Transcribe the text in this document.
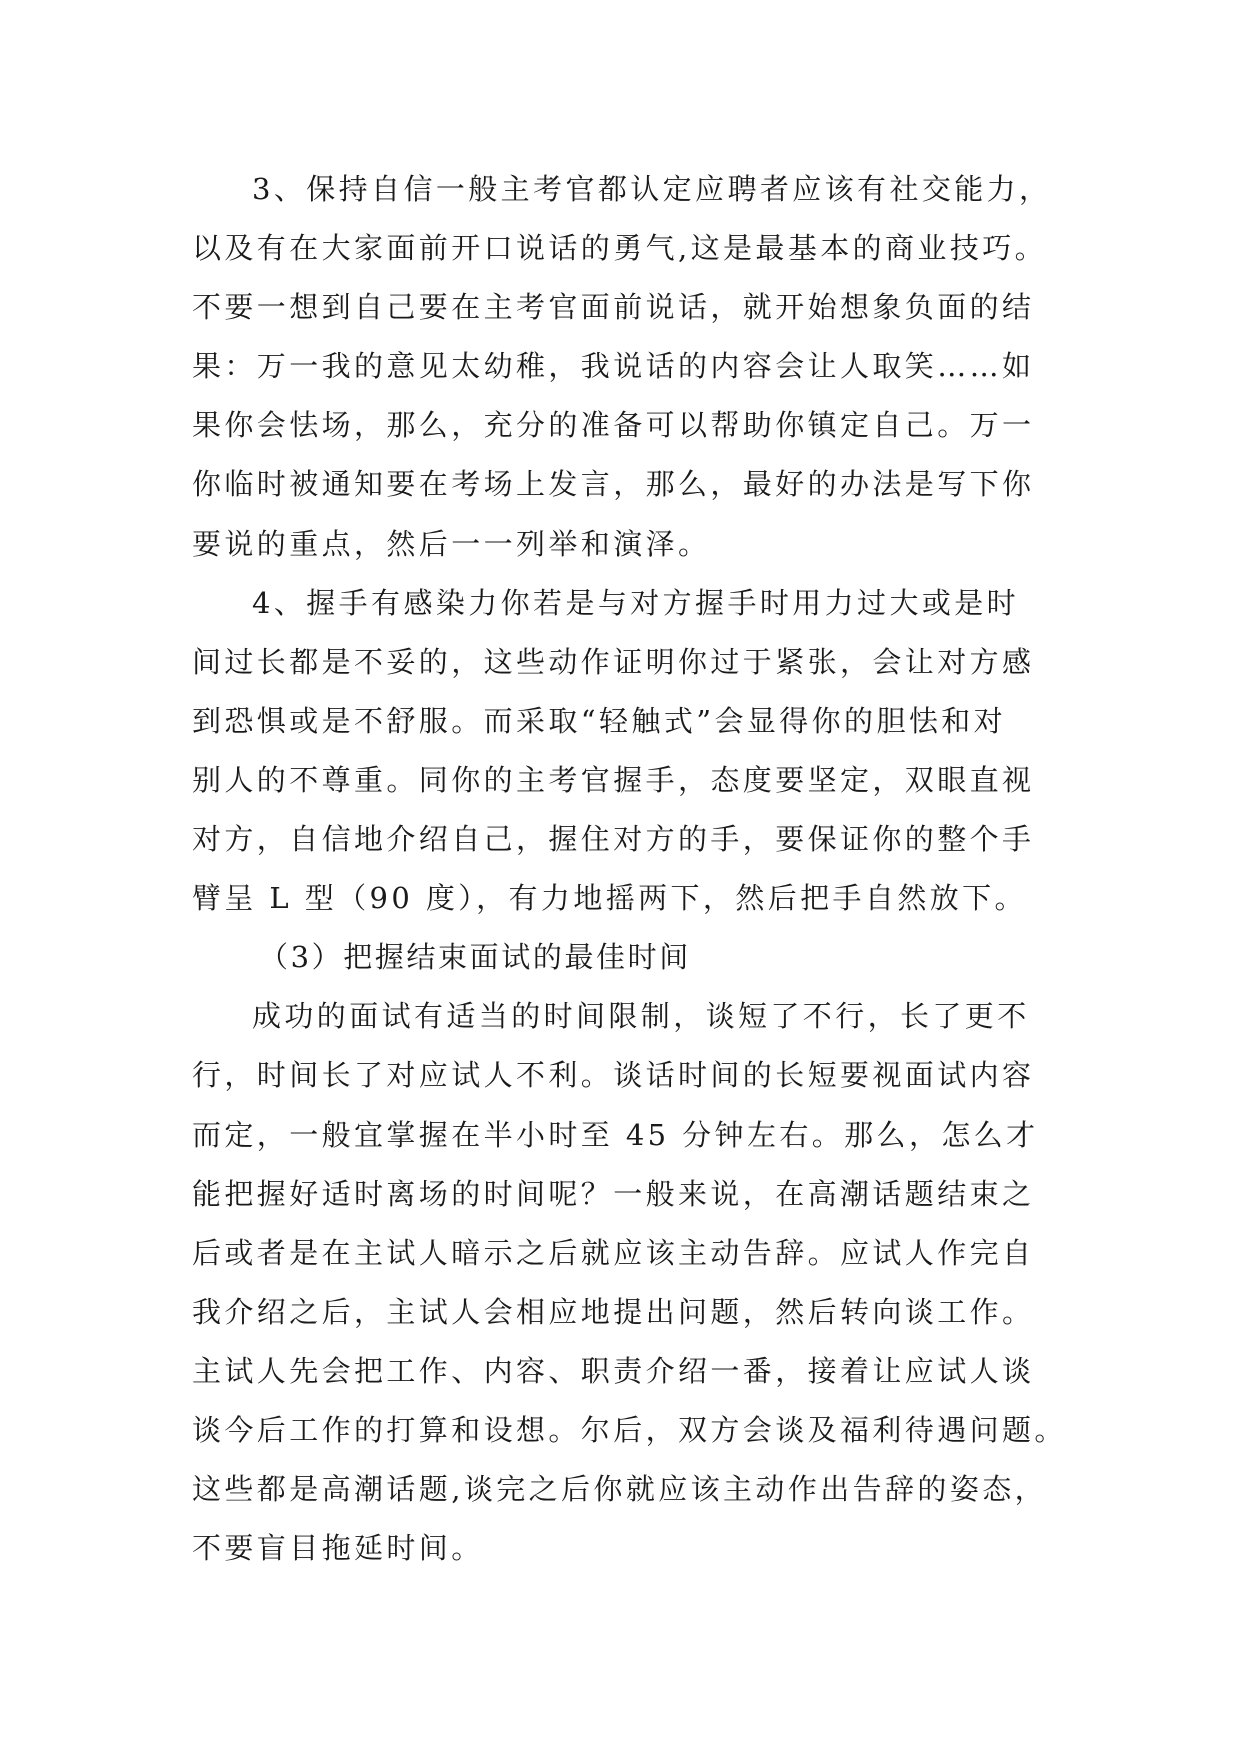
3、保持自信一般主考官都认定应聘者应该有社交能力，
以及有在大家面前开口说话的勇气,这是最基本的商业技巧。
不要一想到自己要在主考官面前说话，就开始想象负面的结
果：万一我的意见太幼稚，我说话的内容会让人取笑……如
果你会怯场，那么，充分的准备可以帮助你镇定自己。万一
你临时被通知要在考场上发言，那么，最好的办法是写下你
要说的重点，然后一一列举和演泽。
4、握手有感染力你若是与对方握手时用力过大或是时
间过长都是不妥的，这些动作证明你过于紧张，会让对方感
到恐惧或是不舒服。而采取“轻触式”会显得你的胆怯和对
别人的不尊重。同你的主考官握手，态度要坚定，双眼直视
对方，自信地介绍自己，握住对方的手，要保证你的整个手
臂呈 L 型（90 度），有力地摇两下，然后把手自然放下。
（3）把握结束面试的最佳时间
成功的面试有适当的时间限制，谈短了不行，长了更不
行，时间长了对应试人不利。谈话时间的长短要视面试内容
而定，一般宜掌握在半小时至 45 分钟左右。那么，怎么才
能把握好适时离场的时间呢？一般来说，在高潮话题结束之
后或者是在主试人暗示之后就应该主动告辞。应试人作完自
我介绍之后，主试人会相应地提出问题，然后转向谈工作。
主试人先会把工作、内容、职责介绍一番，接着让应试人谈
谈今后工作的打算和设想。尔后，双方会谈及福利待遇问题。
这些都是高潮话题,谈完之后你就应该主动作出告辞的姿态，
不要盲目拖延时间。
